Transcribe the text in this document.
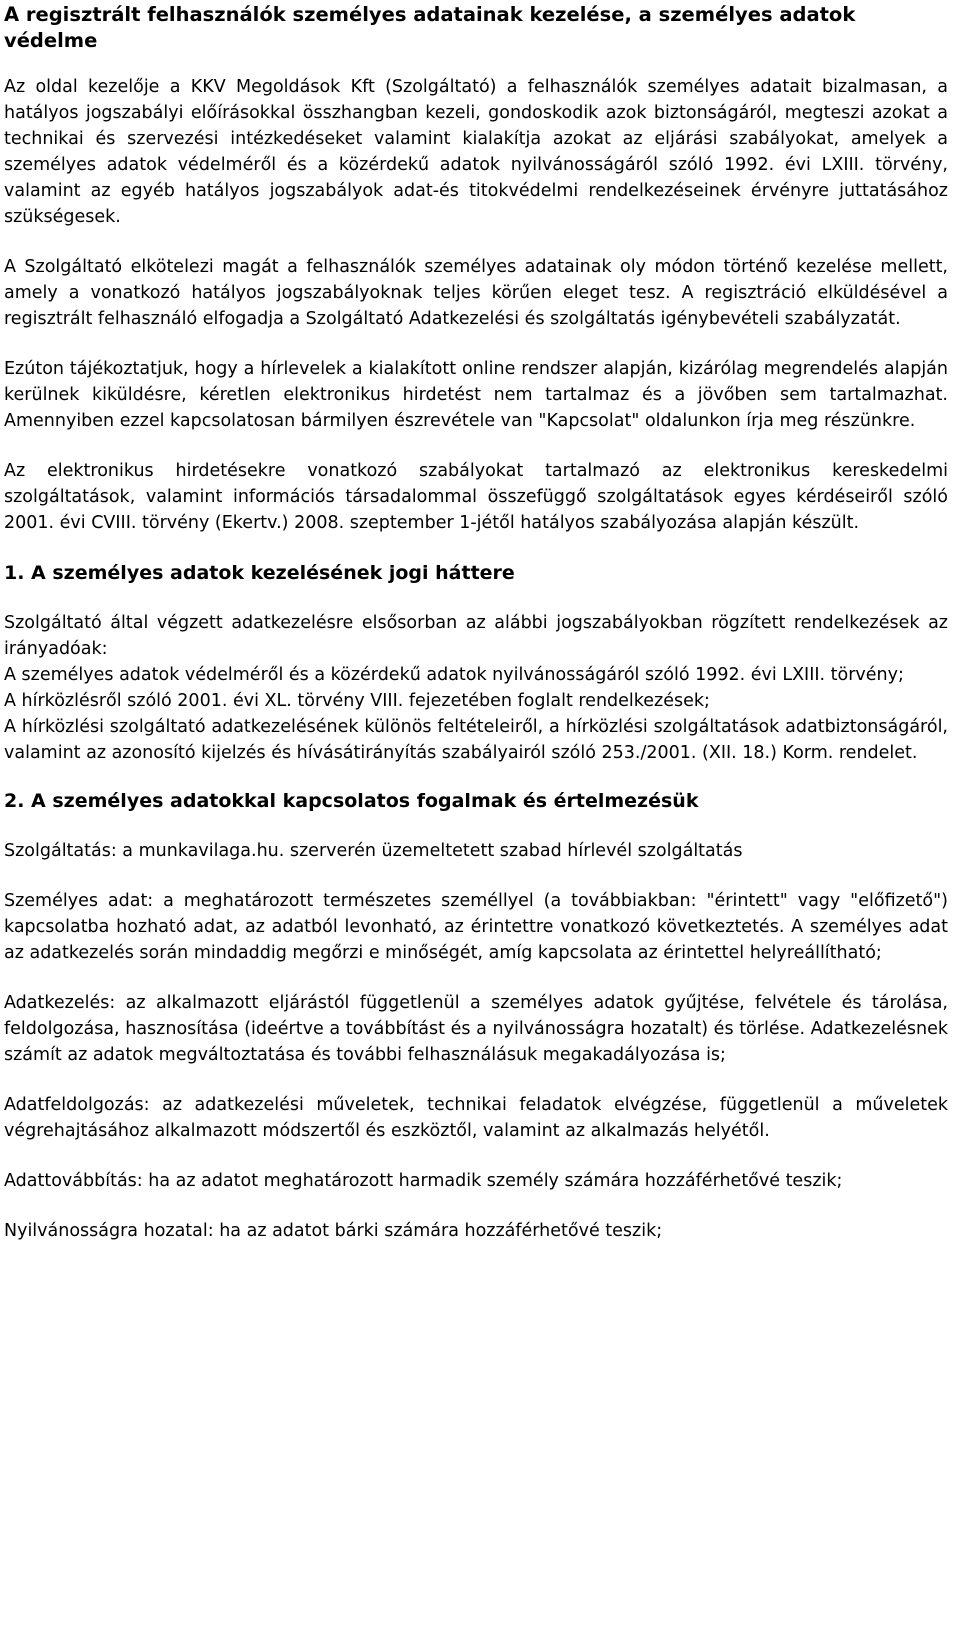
A regisztrált felhasználók személyes adatainak kezelése, a személyes adatok védelme

Az oldal kezelője a KKV Megoldások Kft (Szolgáltató) a felhasználók személyes adatait bizalmasan, a hatályos jogszabályi előírásokkal összhangban kezeli, gondoskodik azok biztonságáról, megteszi azokat a technikai és szervezési intézkedéseket valamint kialakítja azokat az eljárási szabályokat, amelyek a személyes adatok védelméről és a közérdekű adatok nyilvánosságáról szóló 1992. évi LXIII. törvény, valamint az egyéb hatályos jogszabályok adat-és titokvédelmi rendelkezéseinek érvényre juttatásához szükségesek.

A Szolgáltató elkötelezi magát a felhasználók személyes adatainak oly módon történő kezelése mellett, amely a vonatkozó hatályos jogszabályoknak teljes körűen eleget tesz. A regisztráció elküldésével a regisztrált felhasználó elfogadja a Szolgáltató Adatkezelési és szolgáltatás igénybevételi szabályzatát.

Ezúton tájékoztatjuk, hogy a hírlevelek a kialakított online rendszer alapján, kizárólag megrendelés alapján kerülnek kiküldésre, kéretlen elektronikus hirdetést nem tartalmaz és a jövőben sem tartalmazhat. Amennyiben ezzel kapcsolatosan bármilyen észrevétele van "Kapcsolat" oldalunkon írja meg részünkre.

Az elektronikus hirdetésekre vonatkozó szabályokat tartalmazó az elektronikus kereskedelmi szolgáltatások, valamint információs társadalommal összefüggő szolgáltatások egyes kérdéseiről szóló 2001. évi CVIII. törvény (Ekertv.) 2008. szeptember 1-jétől hatályos szabályozása alapján készült.

1. A személyes adatok kezelésének jogi háttere

Szolgáltató által végzett adatkezelésre elsősorban az alábbi jogszabályokban rögzített rendelkezések az irányadóak:
A személyes adatok védelméről és a közérdekű adatok nyilvánosságáról szóló 1992. évi LXIII. törvény;
A hírközlésről szóló 2001. évi XL. törvény VIII. fejezetében foglalt rendelkezések;
A hírközlési szolgáltató adatkezelésének különös feltételeiről, a hírközlési szolgáltatások adatbiztonságáról, valamint az azonosító kijelzés és hívásátirányítás szabályairól szóló 253./2001. (XII. 18.) Korm. rendelet.

2. A személyes adatokkal kapcsolatos fogalmak és értelmezésük

Szolgáltatás: a munkavilaga.hu. szerverén üzemeltetett szabad hírlevél szolgáltatás

Személyes adat: a meghatározott természetes személlyel (a továbbiakban: "érintett" vagy "előfizető") kapcsolatba hozható adat, az adatból levonható, az érintettre vonatkozó következtetés. A személyes adat az adatkezelés során mindaddig megőrzi e minőségét, amíg kapcsolata az érintettel helyreállítható;

Adatkezelés: az alkalmazott eljárástól függetlenül a személyes adatok gyűjtése, felvétele és tárolása, feldolgozása, hasznosítása (ideértve a továbbítást és a nyilvánosságra hozatalt) és törlése. Adatkezelésnek számít az adatok megváltoztatása és további felhasználásuk megakadályozása is;

Adatfeldolgozás: az adatkezelési műveletek, technikai feladatok elvégzése, függetlenül a műveletek végrehajtásához alkalmazott módszertől és eszköztől, valamint az alkalmazás helyétől.

Adattovábbítás: ha az adatot meghatározott harmadik személy számára hozzáférhetővé teszik;

Nyilvánosságra hozatal: ha az adatot bárki számára hozzáférhetővé teszik;
